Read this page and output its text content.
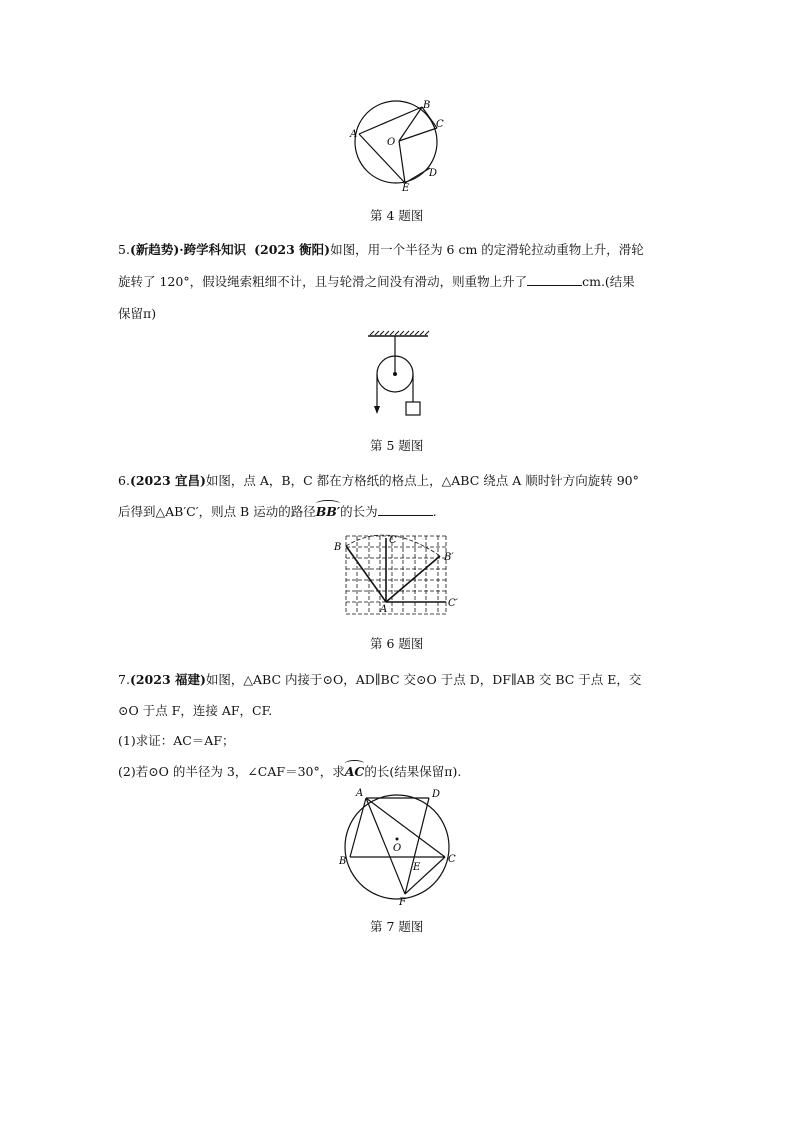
A
B
C
O
D
E
第 4 题图
5.(新趋势)·跨学科知识 (2023 衡阳)如图，用一个半径为 6 cm 的定滑轮拉动重物上升，滑轮
旋转了 120°，假设绳索粗细不计，且与轮滑之间没有滑动，则重物上升了	cm.(结果
保留π)
第 5 题图
6.(2023 宜昌)如图，点 A，B，C 都在方格纸的格点上，△ABC 绕点 A 顺时针方向旋转 90°
后得到△AB′C′，则点 B 运动的路径BB′的长为	.
B
C
B′
C′
A
第 6 题图
7.(2023 福建)如图，△ABC 内接于⊙O，AD∥BC 交⊙O 于点 D，DF∥AB 交 BC 于点 E，交
⊙O 于点 F，连接 AF，CF.
(1)求证：AC＝AF；
(2)若⊙O 的半径为 3，∠CAF＝30°，求AC的长(结果保留π).
A	D
O
B
E
C
F
第 7 题图
